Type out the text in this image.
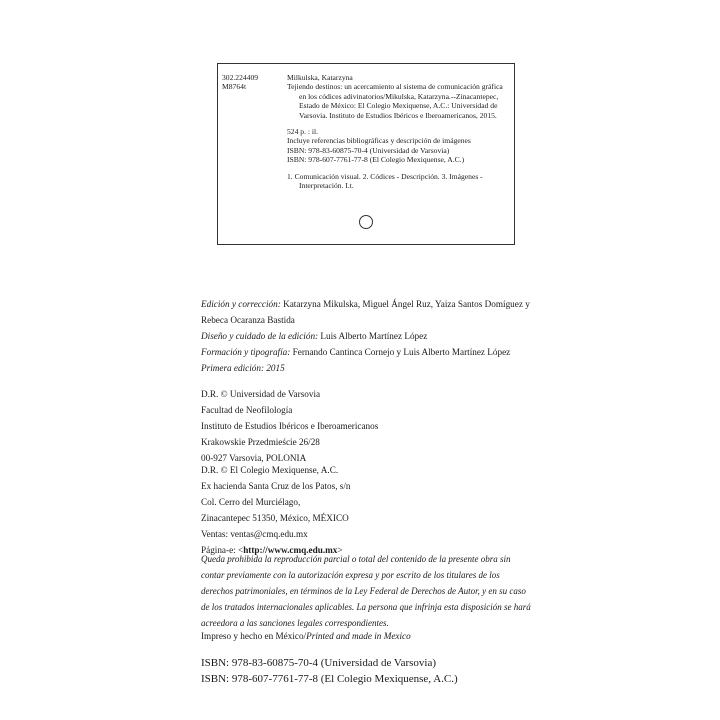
302.224409
M8764t

Milkulska, Katarzyna

Tejiendo destinos: un acercamiento al sistema de comunicación gráfica en los códices adivinatorios/Mikulska, Katarzyna.--Zinacantepec, Estado de México: El Colegio Mexiquense, A.C.: Universidad de Varsovia. Instituto de Estudios Ibéricos e Iberoamericanos, 2015.

524 p. : il.

Incluye referencias bibliográficas y descripción de imágenes

ISBN: 978-83-60875-70-4 (Universidad de Varsovia)

ISBN: 978-607-7761-77-8 (El Colegio Mexiquense, A.C.)

1. Comunicación visual. 2. Códices - Descripción. 3. Imágenes - Interpretación. I.t.

Edición y corrección: Katarzyna Mikulska, Miguel Ángel Ruz, Yaiza Santos Domíguez y Rebeca Ocaranza Bastida

Diseño y cuidado de la edición: Luis Alberto Martínez López

Formación y tipografía: Fernando Cantinca Cornejo y Luis Alberto Martínez López

Primera edición: 2015

D.R. © Universidad de Varsovia

Facultad de Neofilología

Instituto de Estudios Ibéricos e Iberoamericanos

Krakowskie Przedmieście 26/28

00-927 Varsovia, POLONIA

D.R. © El Colegio Mexiquense, A.C.

Ex hacienda Santa Cruz de los Patos, s/n

Col. Cerro del Murciélago,

Zinacantepec 51350, México, MÉXICO

Ventas: ventas@cmq.edu.mx

Página-e: <http://www.cmq.edu.mx>

Queda prohibida la reproducción parcial o total del contenido de la presente obra sin contar previamente con la autorización expresa y por escrito de los titulares de los derechos patrimoniales, en términos de la Ley Federal de Derechos de Autor, y en su caso de los tratados internacionales aplicables. La persona que infrinja esta disposición se hará acreedora a las sanciones legales correspondientes.

Impreso y hecho en México/Printed and made in Mexico

ISBN: 978-83-60875-70-4 (Universidad de Varsovia)

ISBN: 978-607-7761-77-8 (El Colegio Mexiquense, A.C.)
